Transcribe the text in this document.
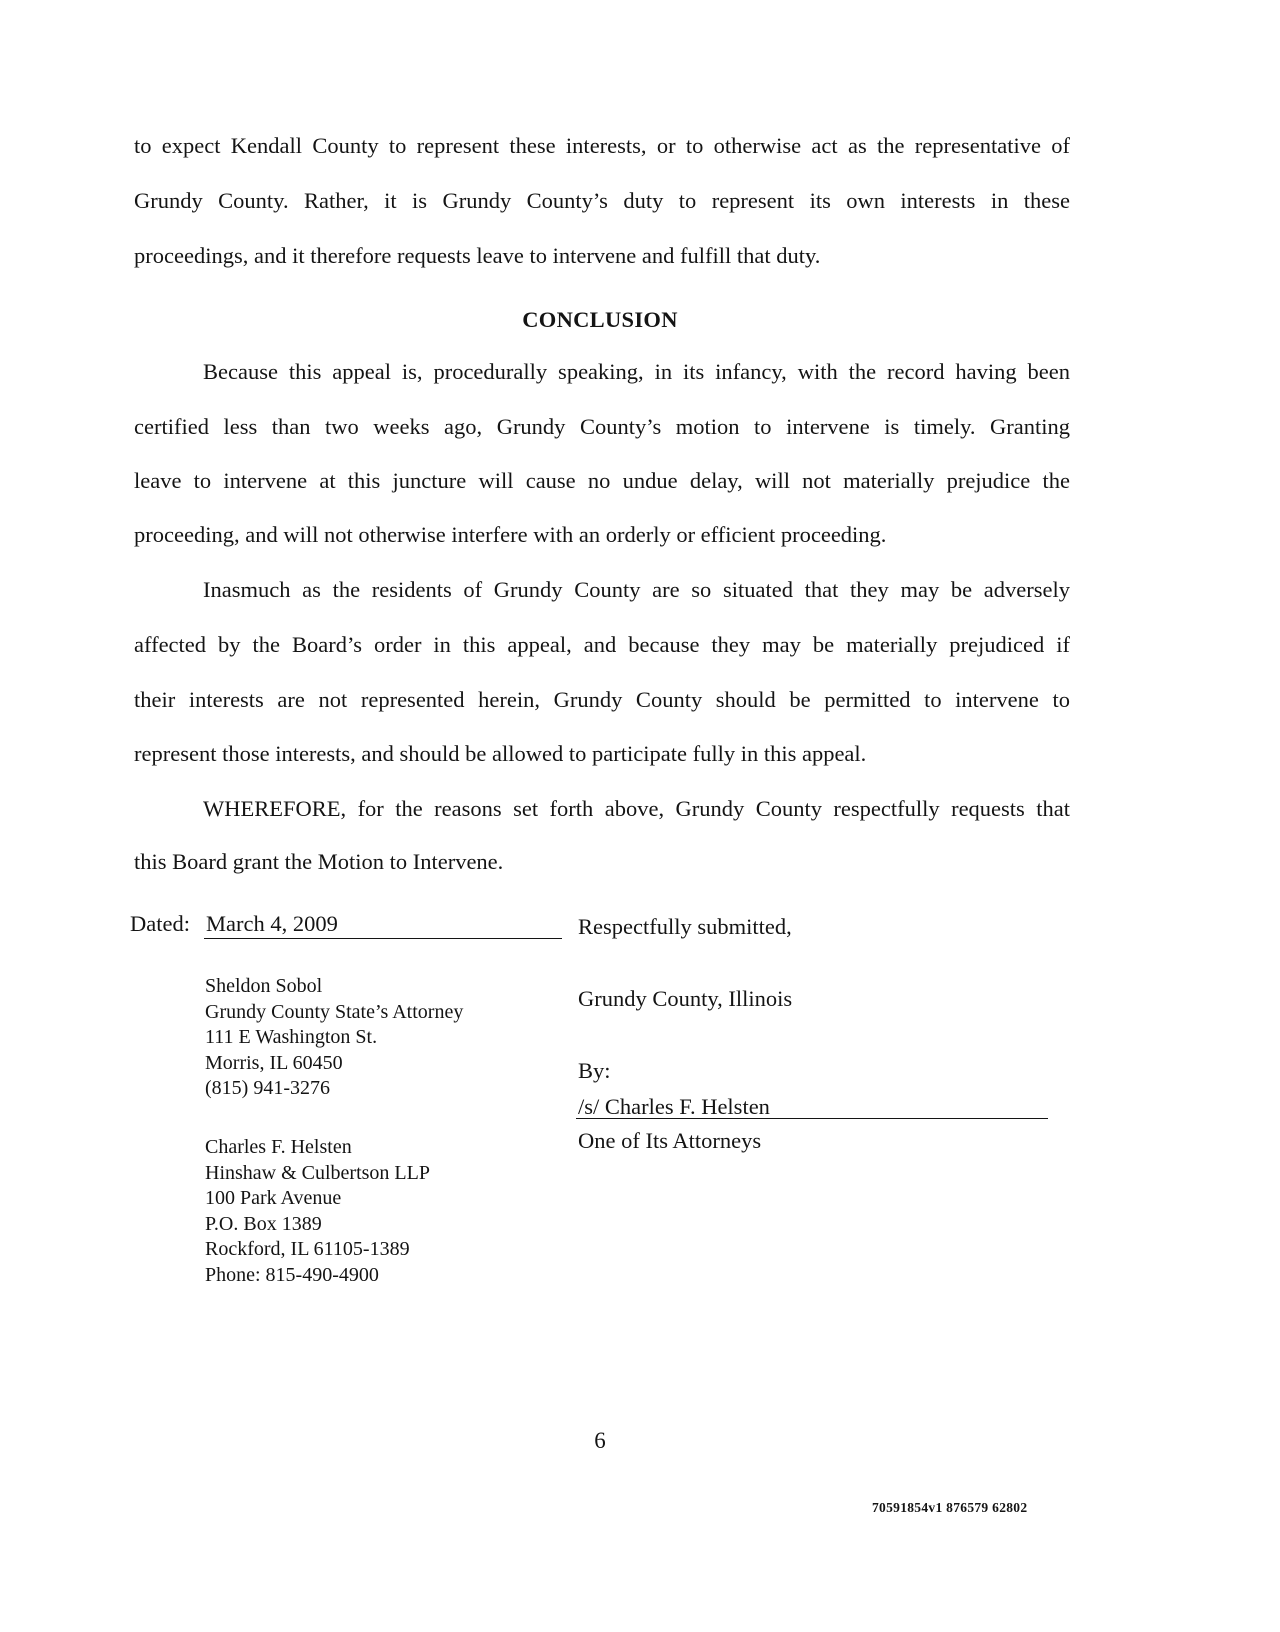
to expect Kendall County to represent these interests, or to otherwise act as the representative of
Grundy County. Rather, it is Grundy County’s duty to represent its own interests in these
proceedings, and it therefore requests leave to intervene and fulfill that duty.
CONCLUSION
Because this appeal is, procedurally speaking, in its infancy, with the record having been
certified less than two weeks ago, Grundy County’s motion to intervene is timely. Granting
leave to intervene at this juncture will cause no undue delay, will not materially prejudice the
proceeding, and will not otherwise interfere with an orderly or efficient proceeding.
Inasmuch as the residents of Grundy County are so situated that they may be adversely
affected by the Board’s order in this appeal, and because they may be materially prejudiced if
their interests are not represented herein, Grundy County should be permitted to intervene to
represent those interests, and should be allowed to participate fully in this appeal.
WHEREFORE, for the reasons set forth above, Grundy County respectfully requests that
this Board grant the Motion to Intervene.
Dated: March 4, 2009	Respectfully submitted,
Grundy County, Illinois
By:
/s/ Charles F. Helsten
One of Its Attorneys
Sheldon Sobol
Grundy County State’s Attorney
111 E Washington St.
Morris, IL 60450
(815) 941-3276
Charles F. Helsten
Hinshaw & Culbertson LLP
100 Park Avenue
P.O. Box 1389
Rockford, IL 61105-1389
Phone: 815-490-4900
6
70591854v1 876579 62802
